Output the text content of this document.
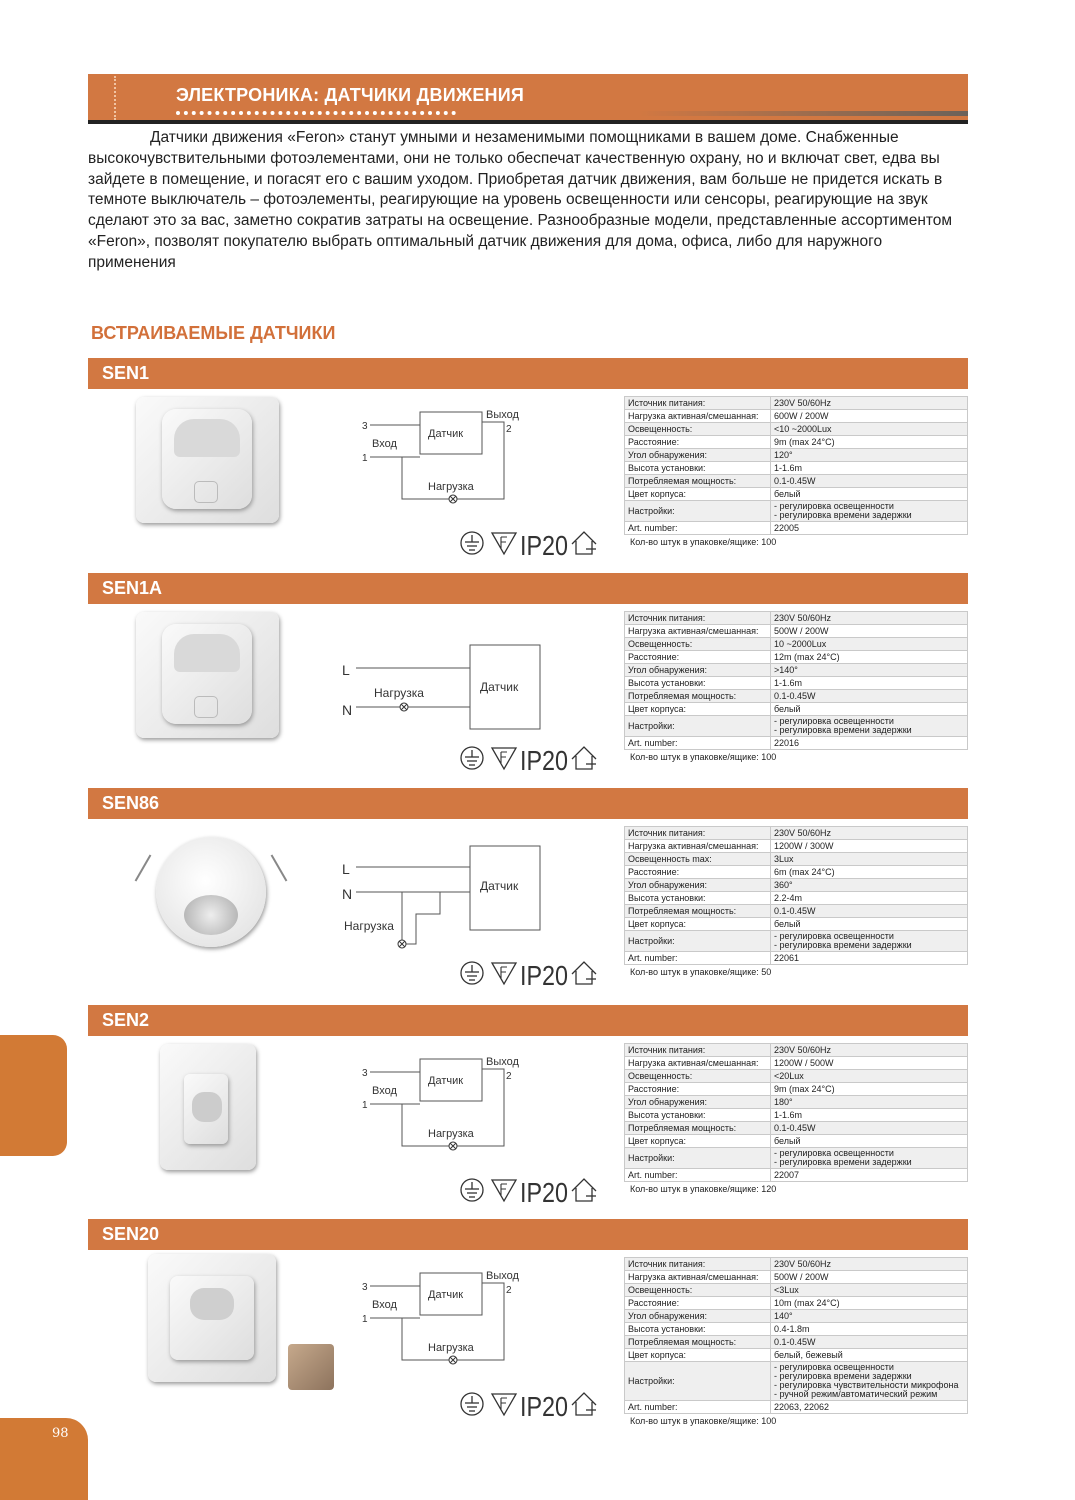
ЭЛЕКТРОНИКА: ДАТЧИКИ ДВИЖЕНИЯ

Датчики движения «Feron» станут умными и незаменимыми помощниками в вашем доме. Снабженные высокочувствительными фотоэлементами, они не только обеспечат качественную охрану, но и включат свет, едва вы зайдете в помещение, и погасят его с вашим уходом. Приобретая датчик движения, вам больше не придется искать в темноте выключатель – фотоэлементы, реагирующие на уровень освещенности или сенсоры, реагирующие на звук сделают это за вас, заметно сократив затраты на освещение. Разнообразные модели, представленные ассортиментом «Feron», позволят покупателю выбрать оптимальный датчик движения для дома, офиса, либо для наружного применения

ВСТРАИВАЕМЫЕ ДАТЧИКИ
SEN1
3
1
Вход
Датчик
Выход
2
Нагрузка
IP20
Источник питания:	230V 50/60Hz
Нагрузка активная/смешанная:	600W / 200W
Освещенность:	<10 ~2000Lux
Расстояние:	9m (max 24°C)
Угол обнаружения:	120°
Высота установки:	1-1.6m
Потребляемая мощность:	0.1-0.45W
Цвет корпуса:	белый
Настройки:	- регулировка освещенности
- регулировка времени задержки
Art. number:	22005
Кол-во штук в упаковке/ящике: 100
SEN1A
L
N
Нагрузка	Датчик
IP20
Источник питания:	230V 50/60Hz
Нагрузка активная/смешанная:	500W / 200W
Освещенность:	10 ~2000Lux
Расстояние:	12m (max 24°C)
Угол обнаружения:	>140°
Высота установки:	1-1.6m
Потребляемая мощность:	0.1-0.45W
Цвет корпуса:	белый
Настройки:	- регулировка освещенности
- регулировка времени задержки
Art. number:	22016
Кол-во штук в упаковке/ящике: 100
SEN86
L
N
Нагрузка
Датчик
IP20
Источник питания:	230V 50/60Hz
Нагрузка активная/смешанная:	1200W / 300W
Освещенность max:	3Lux
Расстояние:	6m (max 24°C)
Угол обнаружения:	360°
Высота установки:	2.2-4m
Потребляемая мощность:	0.1-0.45W
Цвет корпуса:	белый
Настройки:	- регулировка освещенности
- регулировка времени задержки
Art. number:	22061
Кол-во штук в упаковке/ящике: 50
SEN2
3
1
Вход
Датчик
Выход
2
Нагрузка
IP20
Источник питания:	230V 50/60Hz
Нагрузка активная/смешанная:	1200W / 500W
Освещенность:	<20Lux
Расстояние:	9m (max 24°C)
Угол обнаружения:	180°
Высота установки:	1-1.6m
Потребляемая мощность:	0.1-0.45W
Цвет корпуса:	белый
Настройки:	- регулировка освещенности
- регулировка времени задержки
Art. number:	22007
Кол-во штук в упаковке/ящике: 120
SEN20
3
1
Вход
Датчик
Выход
2
Нагрузка
IP20
Источник питания:	230V 50/60Hz
Нагрузка активная/смешанная:	500W / 200W
Освещенность:	<3Lux
Расстояние:	10m (max 24°C)
Угол обнаружения:	140°
Высота установки:	0.4-1.8m
Потребляемая мощность:	0.1-0.45W
Цвет корпуса:	белый, бежевый
Настройки:	- регулировка освещенности
- регулировка времени задержки
- регулировка чувствительности микрофона
- ручной режим/автоматический режим
Art. number:	22063, 22062
Кол-во штук в упаковке/ящике: 100
98
